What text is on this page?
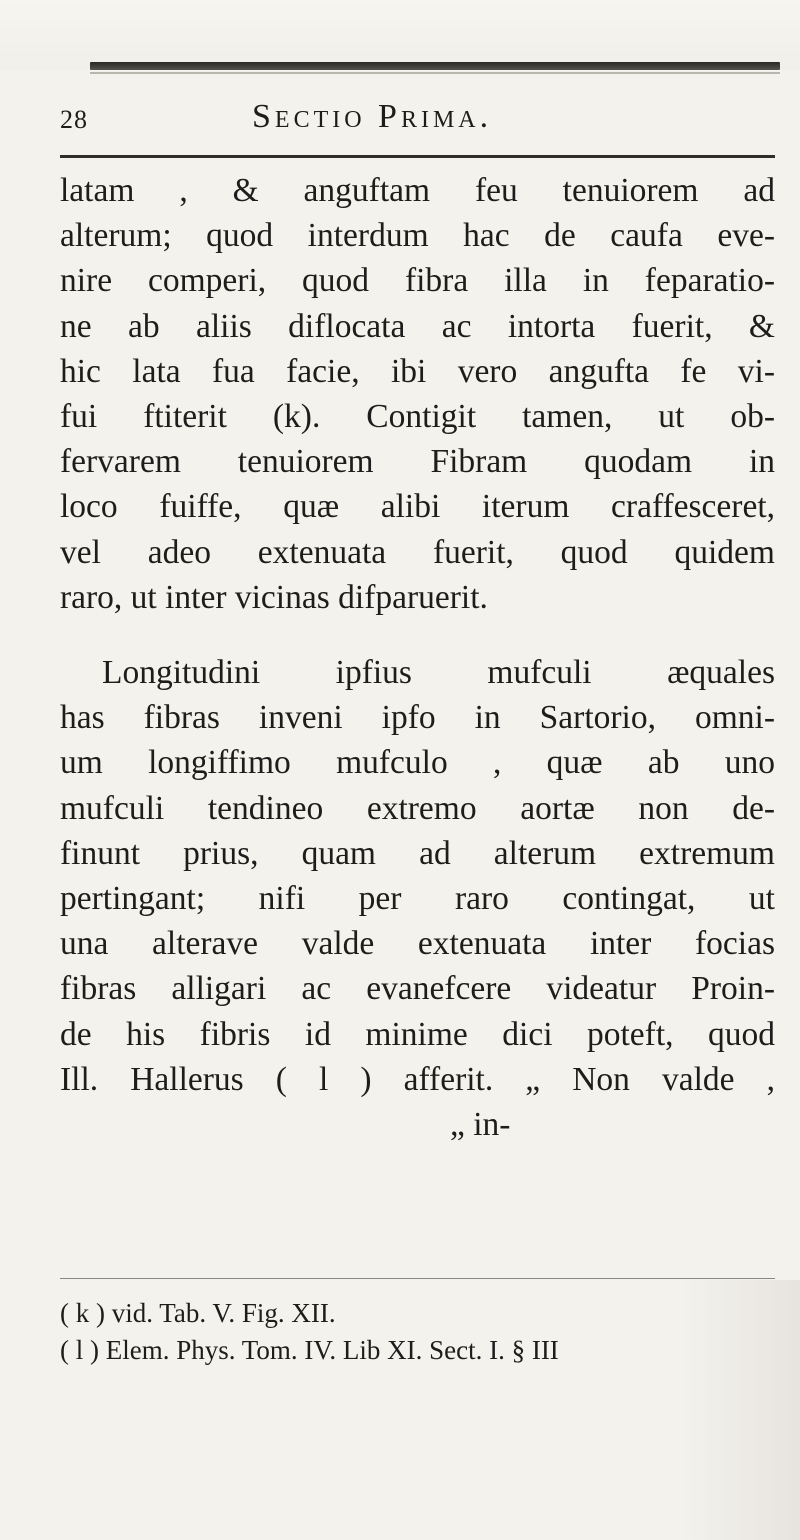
28	Sectio Prima.
latam , & anguftam feu tenuiorem ad
alterum; quod interdum hac de caufa eve-
nire comperi, quod fibra illa in feparatio-
ne ab aliis diflocata ac intorta fuerit, &
hic lata fua facie, ibi vero angufta fe vi-
fui ftiterit (k). Contigit tamen, ut ob-
fervarem tenuiorem Fibram quodam in
loco fuiffe, quæ alibi iterum craffesceret,
vel adeo extenuata fuerit, quod quidem
raro, ut inter vicinas difparuerit.
Longitudini ipfius mufculi æquales
has fibras inveni ipfo in Sartorio, omni-
um longiffimo mufculo , quæ ab uno
mufculi tendineo extremo aortæ non de-
finunt prius, quam ad alterum extremum
pertingant; nifi per raro contingat, ut
una alterave valde extenuata inter focias
fibras alligari ac evanefcere videatur Proin-
de his fibris id minime dici poteft, quod
Ill. Hallerus ( l ) afferit. „ Non valde ,
„ in-
( k ) vid. Tab. V. Fig. XII.
( l ) Elem. Phys. Tom. IV. Lib XI. Sect. I. § III
